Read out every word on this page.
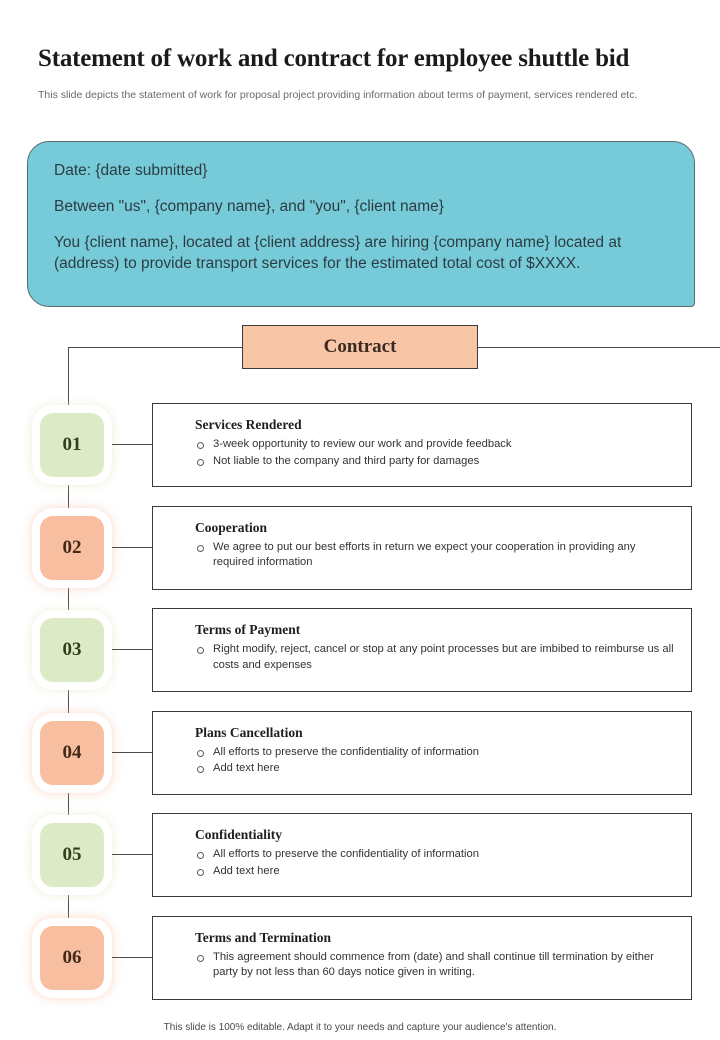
Statement of work and contract for employee shuttle bid

This slide depicts the statement of work for proposal project providing information about terms of payment, services rendered etc.

Date: {date submitted}
Between "us", {company name}, and "you", {client name}
You {client name}, located at {client address} are hiring {company name} located at (address) to provide transport services for the estimated total cost of $XXXX.
Contract
01
Services Rendered
3-week opportunity to review our work and provide feedback
Not liable to the company and third party for damages
02
Cooperation
We agree to put our best efforts in return we expect your cooperation in providing any required information
03
Terms of Payment
Right modify, reject, cancel or stop at any point processes but are imbibed to reimburse us all costs and expenses
04
Plans Cancellation
All efforts to preserve the confidentiality of information
Add text here
05
Confidentiality
All efforts to preserve the confidentiality of information
Add text here
06
Terms and Termination
This agreement should commence from (date) and shall continue till termination by either party by not less than 60 days notice given in writing.

This slide is 100% editable. Adapt it to your needs and capture your audience's attention.
